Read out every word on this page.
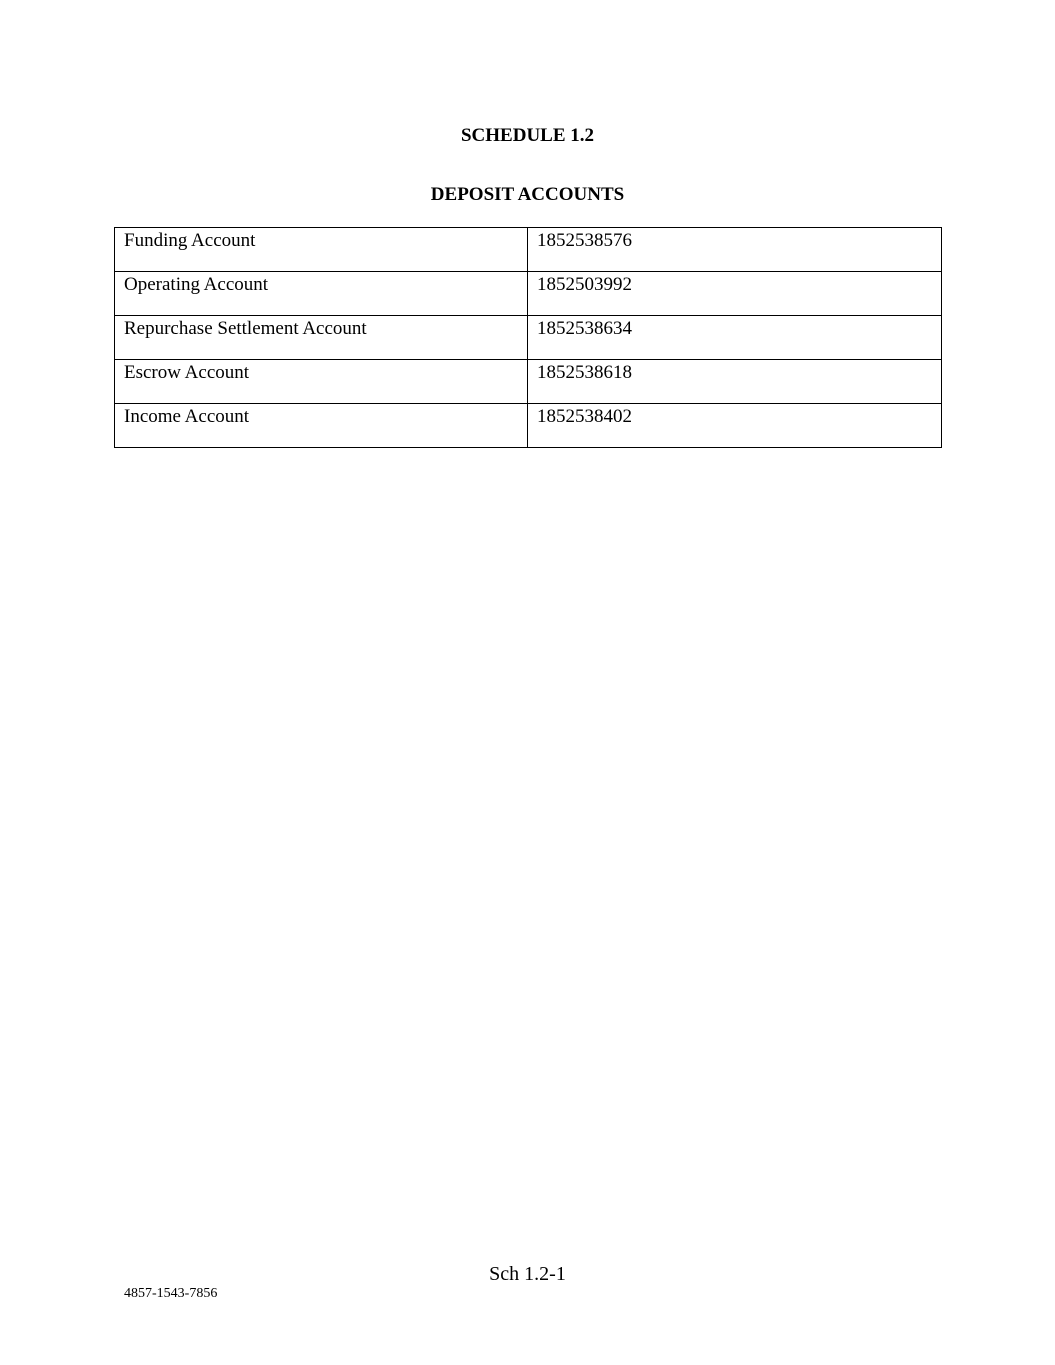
SCHEDULE 1.2
DEPOSIT ACCOUNTS
Funding Account	1852538576
Operating Account	1852503992
Repurchase Settlement Account	1852538634
Escrow Account	1852538618
Income Account	1852538402
Sch 1.2-1
4857-1543-7856
